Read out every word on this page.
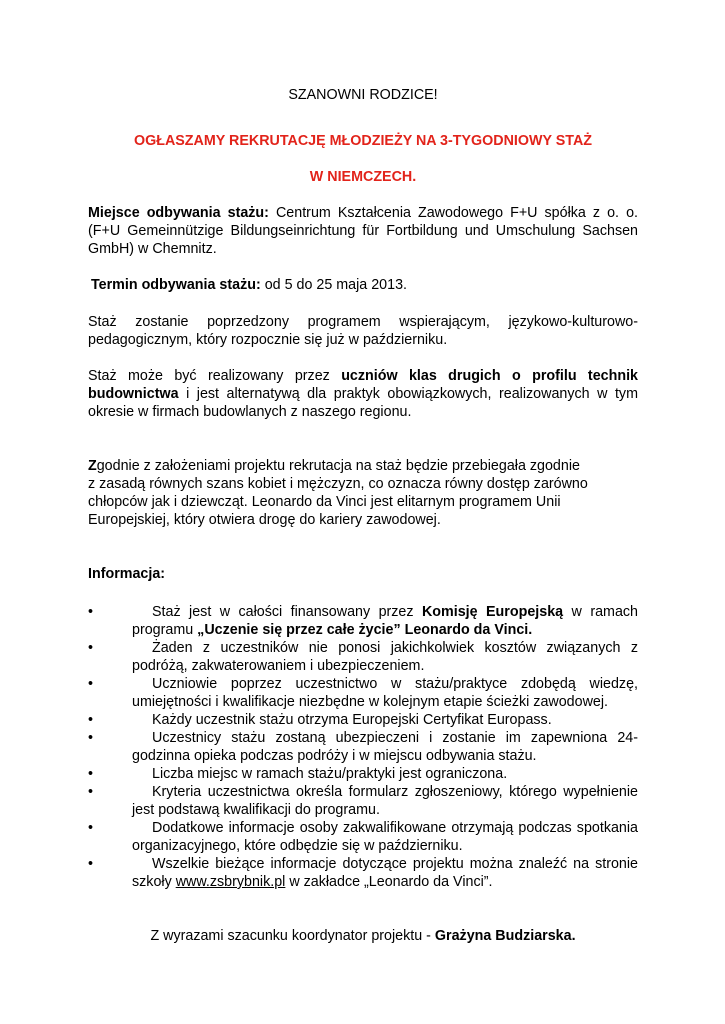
SZANOWNI RODZICE!

OGŁASZAMY REKRUTACJĘ MŁODZIEŻY NA 3-TYGODNIOWY STAŻ

W NIEMCZECH.

Miejsce odbywania stażu: Centrum Kształcenia Zawodowego F+U spółka z o. o. (F+U Gemeinnützige Bildungseinrichtung für Fortbildung und Umschulung Sachsen GmbH) w Chemnitz.

Termin odbywania stażu: od 5 do 25 maja 2013.

Staż zostanie poprzedzony programem wspierającym, językowo-kulturowo-pedagogicznym, który rozpocznie się już w październiku.

Staż może być realizowany przez uczniów klas drugich o profilu technik budownictwa i jest alternatywą dla praktyk obowiązkowych, realizowanych w tym okresie w firmach budowlanych z naszego regionu.

Zgodnie z założeniami projektu rekrutacja na staż będzie przebiegała zgodnie
z zasadą równych szans kobiet i mężczyzn, co oznacza równy dostęp zarówno
chłopców jak i dziewcząt. Leonardo da Vinci jest elitarnym programem Unii
Europejskiej, który otwiera drogę do kariery zawodowej.

Informacja:

•	Staż jest w całości finansowany przez Komisję Europejską w ramach programu „Uczenie się przez całe życie” Leonardo da Vinci.
•	Żaden z uczestników nie ponosi jakichkolwiek kosztów związanych z podróżą, zakwaterowaniem i ubezpieczeniem.
•	Uczniowie poprzez uczestnictwo w stażu/praktyce zdobędą wiedzę, umiejętności i kwalifikacje niezbędne w kolejnym etapie ścieżki zawodowej.
•	Każdy uczestnik stażu otrzyma Europejski Certyfikat Europass.
•	Uczestnicy stażu zostaną ubezpieczeni i zostanie im zapewniona 24-godzinna opieka podczas podróży i w miejscu odbywania stażu.
•	Liczba miejsc w ramach stażu/praktyki jest ograniczona.
•	Kryteria uczestnictwa określa formularz zgłoszeniowy, którego wypełnienie jest podstawą kwalifikacji do programu.
•	Dodatkowe informacje osoby zakwalifikowane otrzymają podczas spotkania organizacyjnego, które odbędzie się w październiku.
•	Wszelkie bieżące informacje dotyczące projektu można znaleźć na stronie szkoły www.zsbrybnik.pl w zakładce „Leonardo da Vinci”.

Z wyrazami szacunku koordynator projektu - Grażyna Budziarska.
